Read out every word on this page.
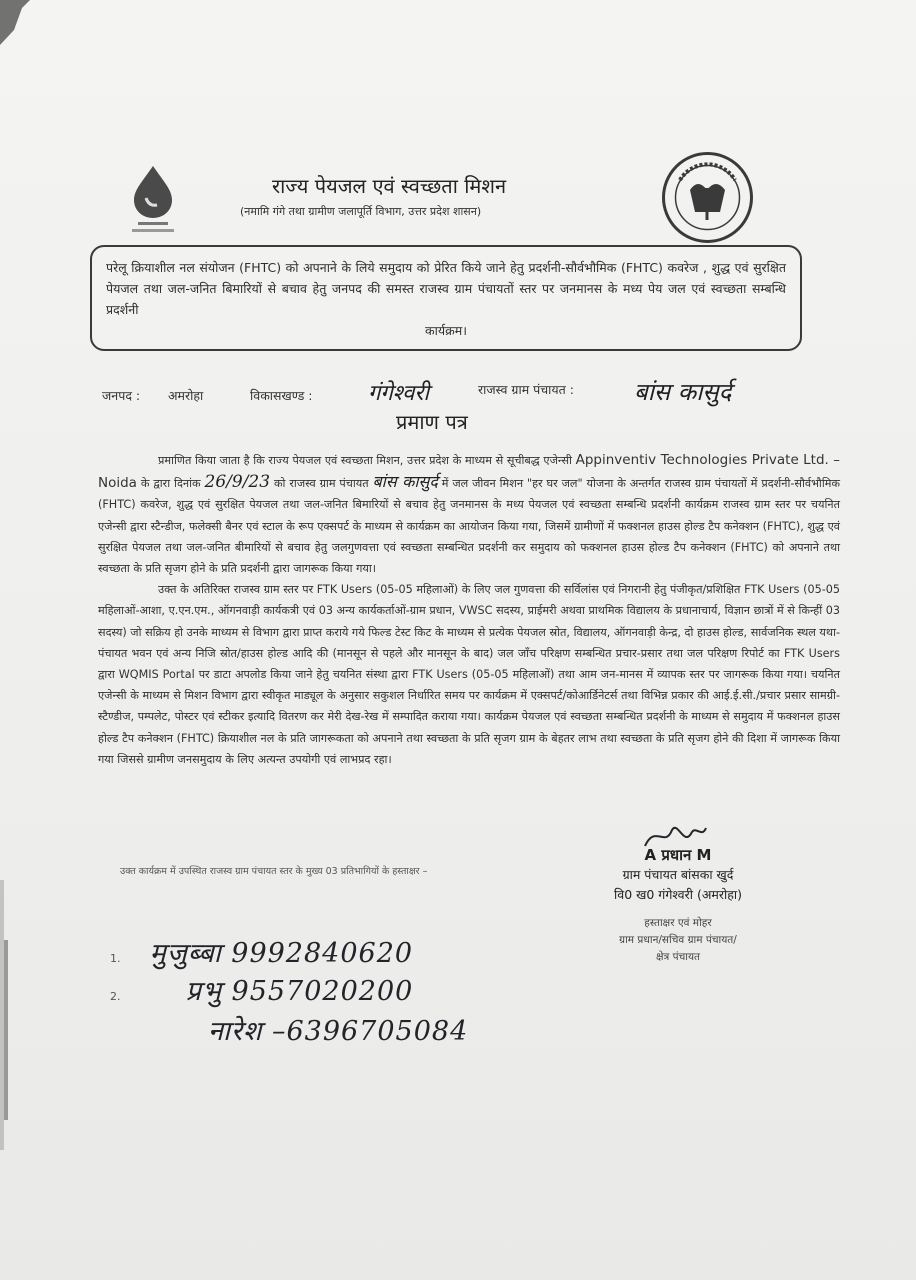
राज्य पेयजल एवं स्वच्छता मिशन
(नमामि गंगे तथा ग्रामीण जलापूर्ति विभाग, उत्तर प्रदेश शासन)
परेलू क्रियाशील नल संयोजन (FHTC) को अपनाने के लिये समुदाय को प्रेरित किये जाने हेतु प्रदर्शनी-सौर्वभौमिक (FHTC) कवरेज , शुद्ध एवं सुरक्षित पेयजल तथा जल-जनित बिमारियों से बचाव हेतु जनपद की समस्त राजस्व ग्राम पंचायतों स्तर पर जनमानस के मध्य पेय जल एवं स्वच्छता सम्बन्धि प्रदर्शनी
कार्यक्रम।
जनपद : अमरोहा	विकासखण्ड :	गंगेश्वरी	राजस्व ग्राम पंचायत :	बांस कासुर्द
प्रमाण पत्र

प्रमाणित किया जाता है कि राज्य पेयजल एवं स्वच्छता मिशन, उत्तर प्रदेश के माध्यम से सूचीबद्ध एजेन्सी Appinventiv Technologies Private Ltd. – Noida के द्वारा दिनांक 26/9/23 को राजस्व ग्राम पंचायत बांस कासुर्द में जल जीवन मिशन "हर घर जल" योजना के अन्तर्गत राजस्व ग्राम पंचायतों में प्रदर्शनी-सौर्वभौमिक (FHTC) कवरेज, शुद्ध एवं सुरक्षित पेयजल तथा जल-जनित बिमारियों से बचाव हेतु जनमानस के मध्य पेयजल एवं स्वच्छता सम्बन्धि प्रदर्शनी कार्यक्रम राजस्व ग्राम स्तर पर चयनित एजेन्सी द्वारा स्टैन्डीज, फलेक्सी बैनर एवं स्टाल के रूप एक्सपर्ट के माध्यम से कार्यक्रम का आयोजन किया गया, जिसमें ग्रामीणों में फक्शनल हाउस होल्ड टैप कनेक्शन (FHTC), शुद्ध एवं सुरक्षित पेयजल तथा जल-जनित बीमारियों से बचाव हेतु जलगुणवत्ता एवं स्वच्छता सम्बन्धित प्रदर्शनी कर समुदाय को फक्शनल हाउस होल्ड टैप कनेक्शन (FHTC) को अपनाने तथा स्वच्छता के प्रति सृजग होने के प्रति प्रदर्शनी द्वारा जागरूक किया गया।

उक्त के अतिरिक्त राजस्व ग्राम स्तर पर FTK Users (05-05 महिलाओं) के लिए जल गुणवत्ता की सर्विलांस एवं निगरानी हेतु पंजीकृत/प्रशिक्षित FTK Users (05-05 महिलाओं-आशा, ए.एन.एम., ऑगनवाड़ी कार्यकत्री एवं 03 अन्य कार्यकर्ताओं-ग्राम प्रधान, VWSC सदस्य, प्राईमरी अथवा प्राथमिक विद्यालय के प्रधानाचार्य, विज्ञान छात्रों में से किन्हीं 03 सदस्य) जो सक्रिय हो उनके माध्यम से विभाग द्वारा प्राप्त कराये गये फिल्ड टेस्ट किट के माध्यम से प्रत्येक पेयजल स्रोत, विद्यालय, ऑगनवाड़ी केन्द्र, दो हाउस होल्ड, सार्वजनिक स्थल यथा-पंचायत भवन एवं अन्य निजि स्रोत/हाउस होल्ड आदि की (मानसून से पहले और मानसून के बाद) जल जाँच परिक्षण सम्बन्धित प्रचार-प्रसार तथा जल परिक्षण रिपोर्ट का FTK Users द्वारा WQMIS Portal पर डाटा अपलोड किया जाने हेतु चयनित संस्था द्वारा FTK Users (05-05 महिलाओं) तथा आम जन-मानस में व्यापक स्तर पर जागरूक किया गया। चयनित एजेन्सी के माध्यम से मिशन विभाग द्वारा स्वीकृत माड्यूल के अनुसार सकुशल निर्धारित समय पर कार्यक्रम में एक्सपर्ट/कोआर्डिनेटर्स तथा विभिन्न प्रकार की आई.ई.सी./प्रचार प्रसार सामग्री-स्टैण्डीज, पम्पलेट, पोस्टर एवं स्टीकर इत्यादि वितरण कर मेरी देख-रेख में सम्पादित कराया गया। कार्यक्रम पेयजल एवं स्वच्छता सम्बन्धित प्रदर्शनी के माध्यम से समुदाय में फक्शनल हाउस होल्ड टैप कनेक्शन (FHTC) क्रियाशील नल के प्रति जागरूकता को अपनाने तथा स्वच्छता के प्रति सृजग ग्राम के बेहतर लाभ तथा स्वच्छता के प्रति सृजग होने की दिशा में जागरूक किया गया जिससे ग्रामीण जनसमुदाय के लिए अत्यन्त उपयोगी एवं लाभप्रद रहा।

A प्रधान M
ग्राम पंचायत बांसका खुर्द
वि0 ख0 गंगेश्वरी (अमरोहा)
हस्ताक्षर एवं मोहर
ग्राम प्रधान/सचिव ग्राम पंचायत/
क्षेत्र पंचायत
उक्त कार्यक्रम में उपस्थित राजस्व ग्राम पंचायत स्तर के मुख्य 03 प्रतिभागियों के हस्ताक्षर –
1. मुजुब्बा 9992840620
2. प्रभु 9557020200
नारेश –6396705084
